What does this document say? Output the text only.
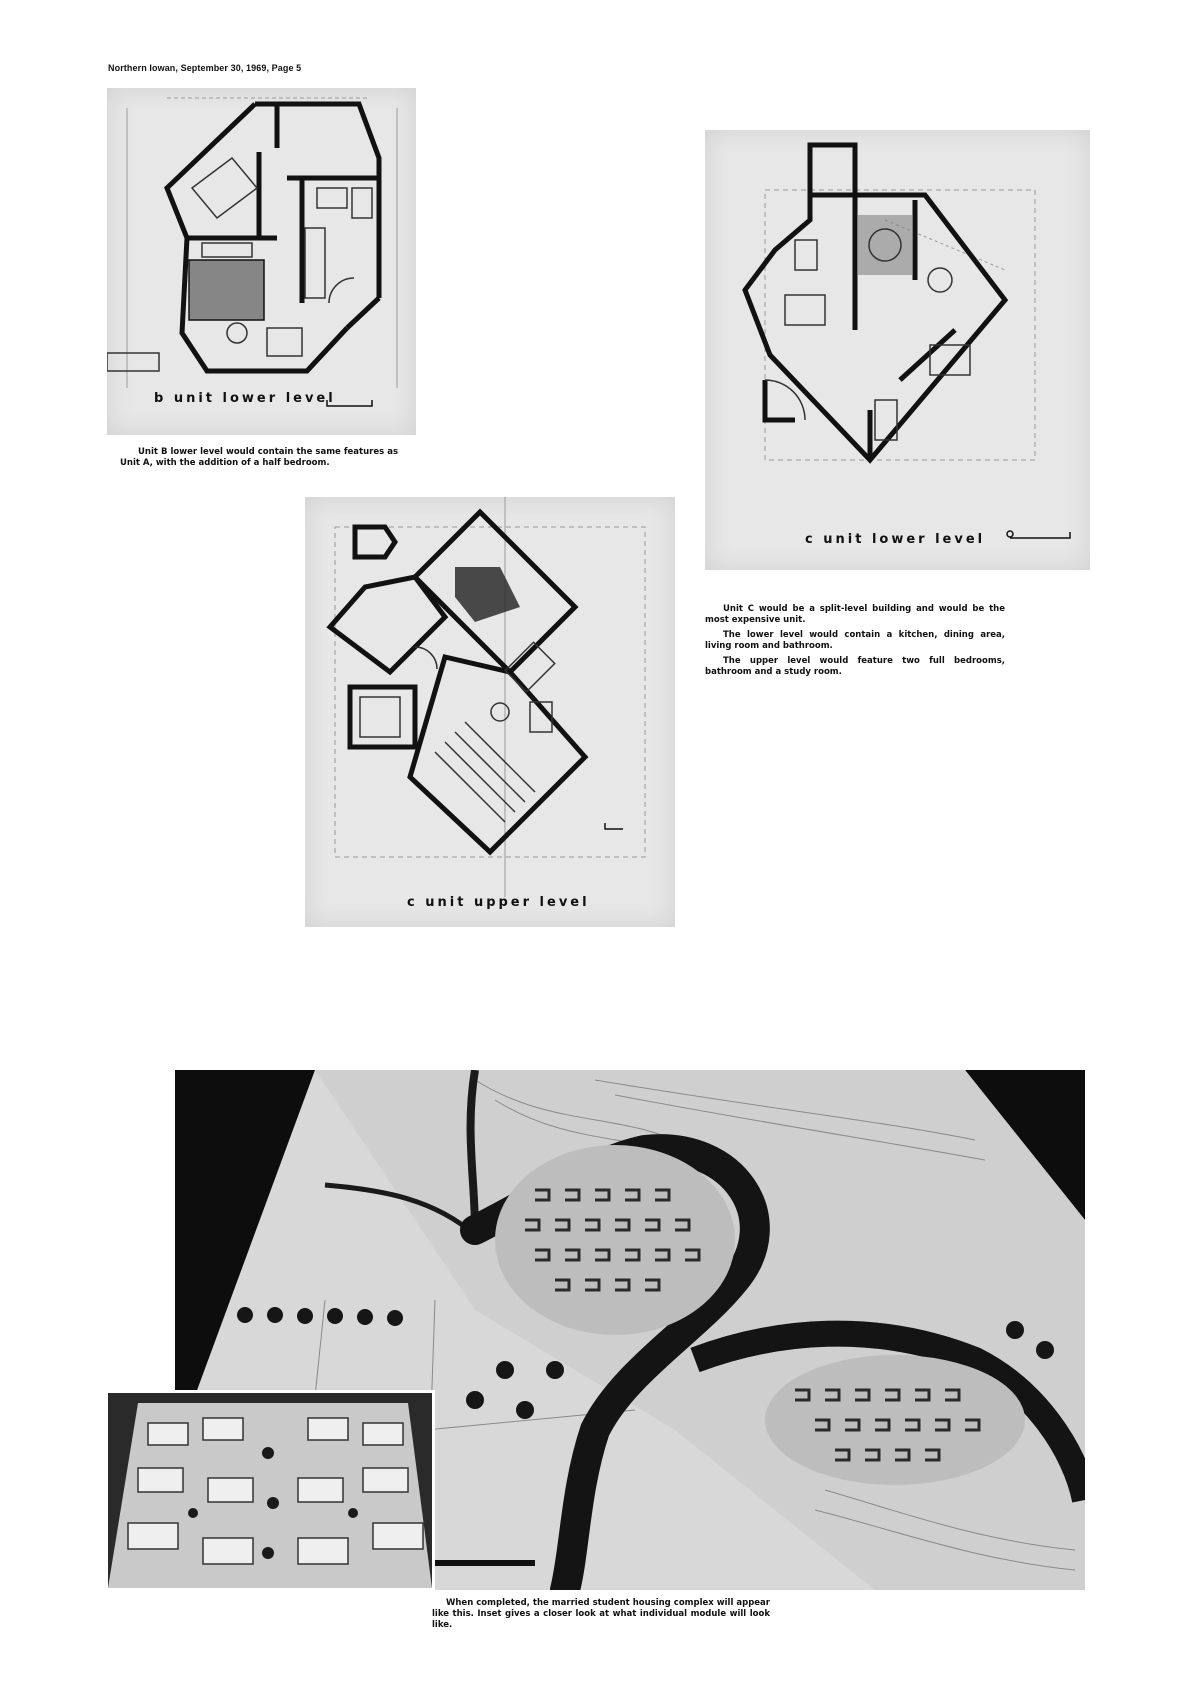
Northern Iowan, September 30, 1969, Page 5
b unit lower level

Unit B lower level would contain the same features as Unit A, with the addition of a half bedroom.

c unit upper level
c unit lower level

Unit C would be a split-level building and would be the most expensive unit.

The lower level would contain a kitchen, dining area, living room and bathroom.

The upper level would feature two full bedrooms, bathroom and a study room.

When completed, the married student housing complex will appear like this. Inset gives a closer look at what individual module will look like.
